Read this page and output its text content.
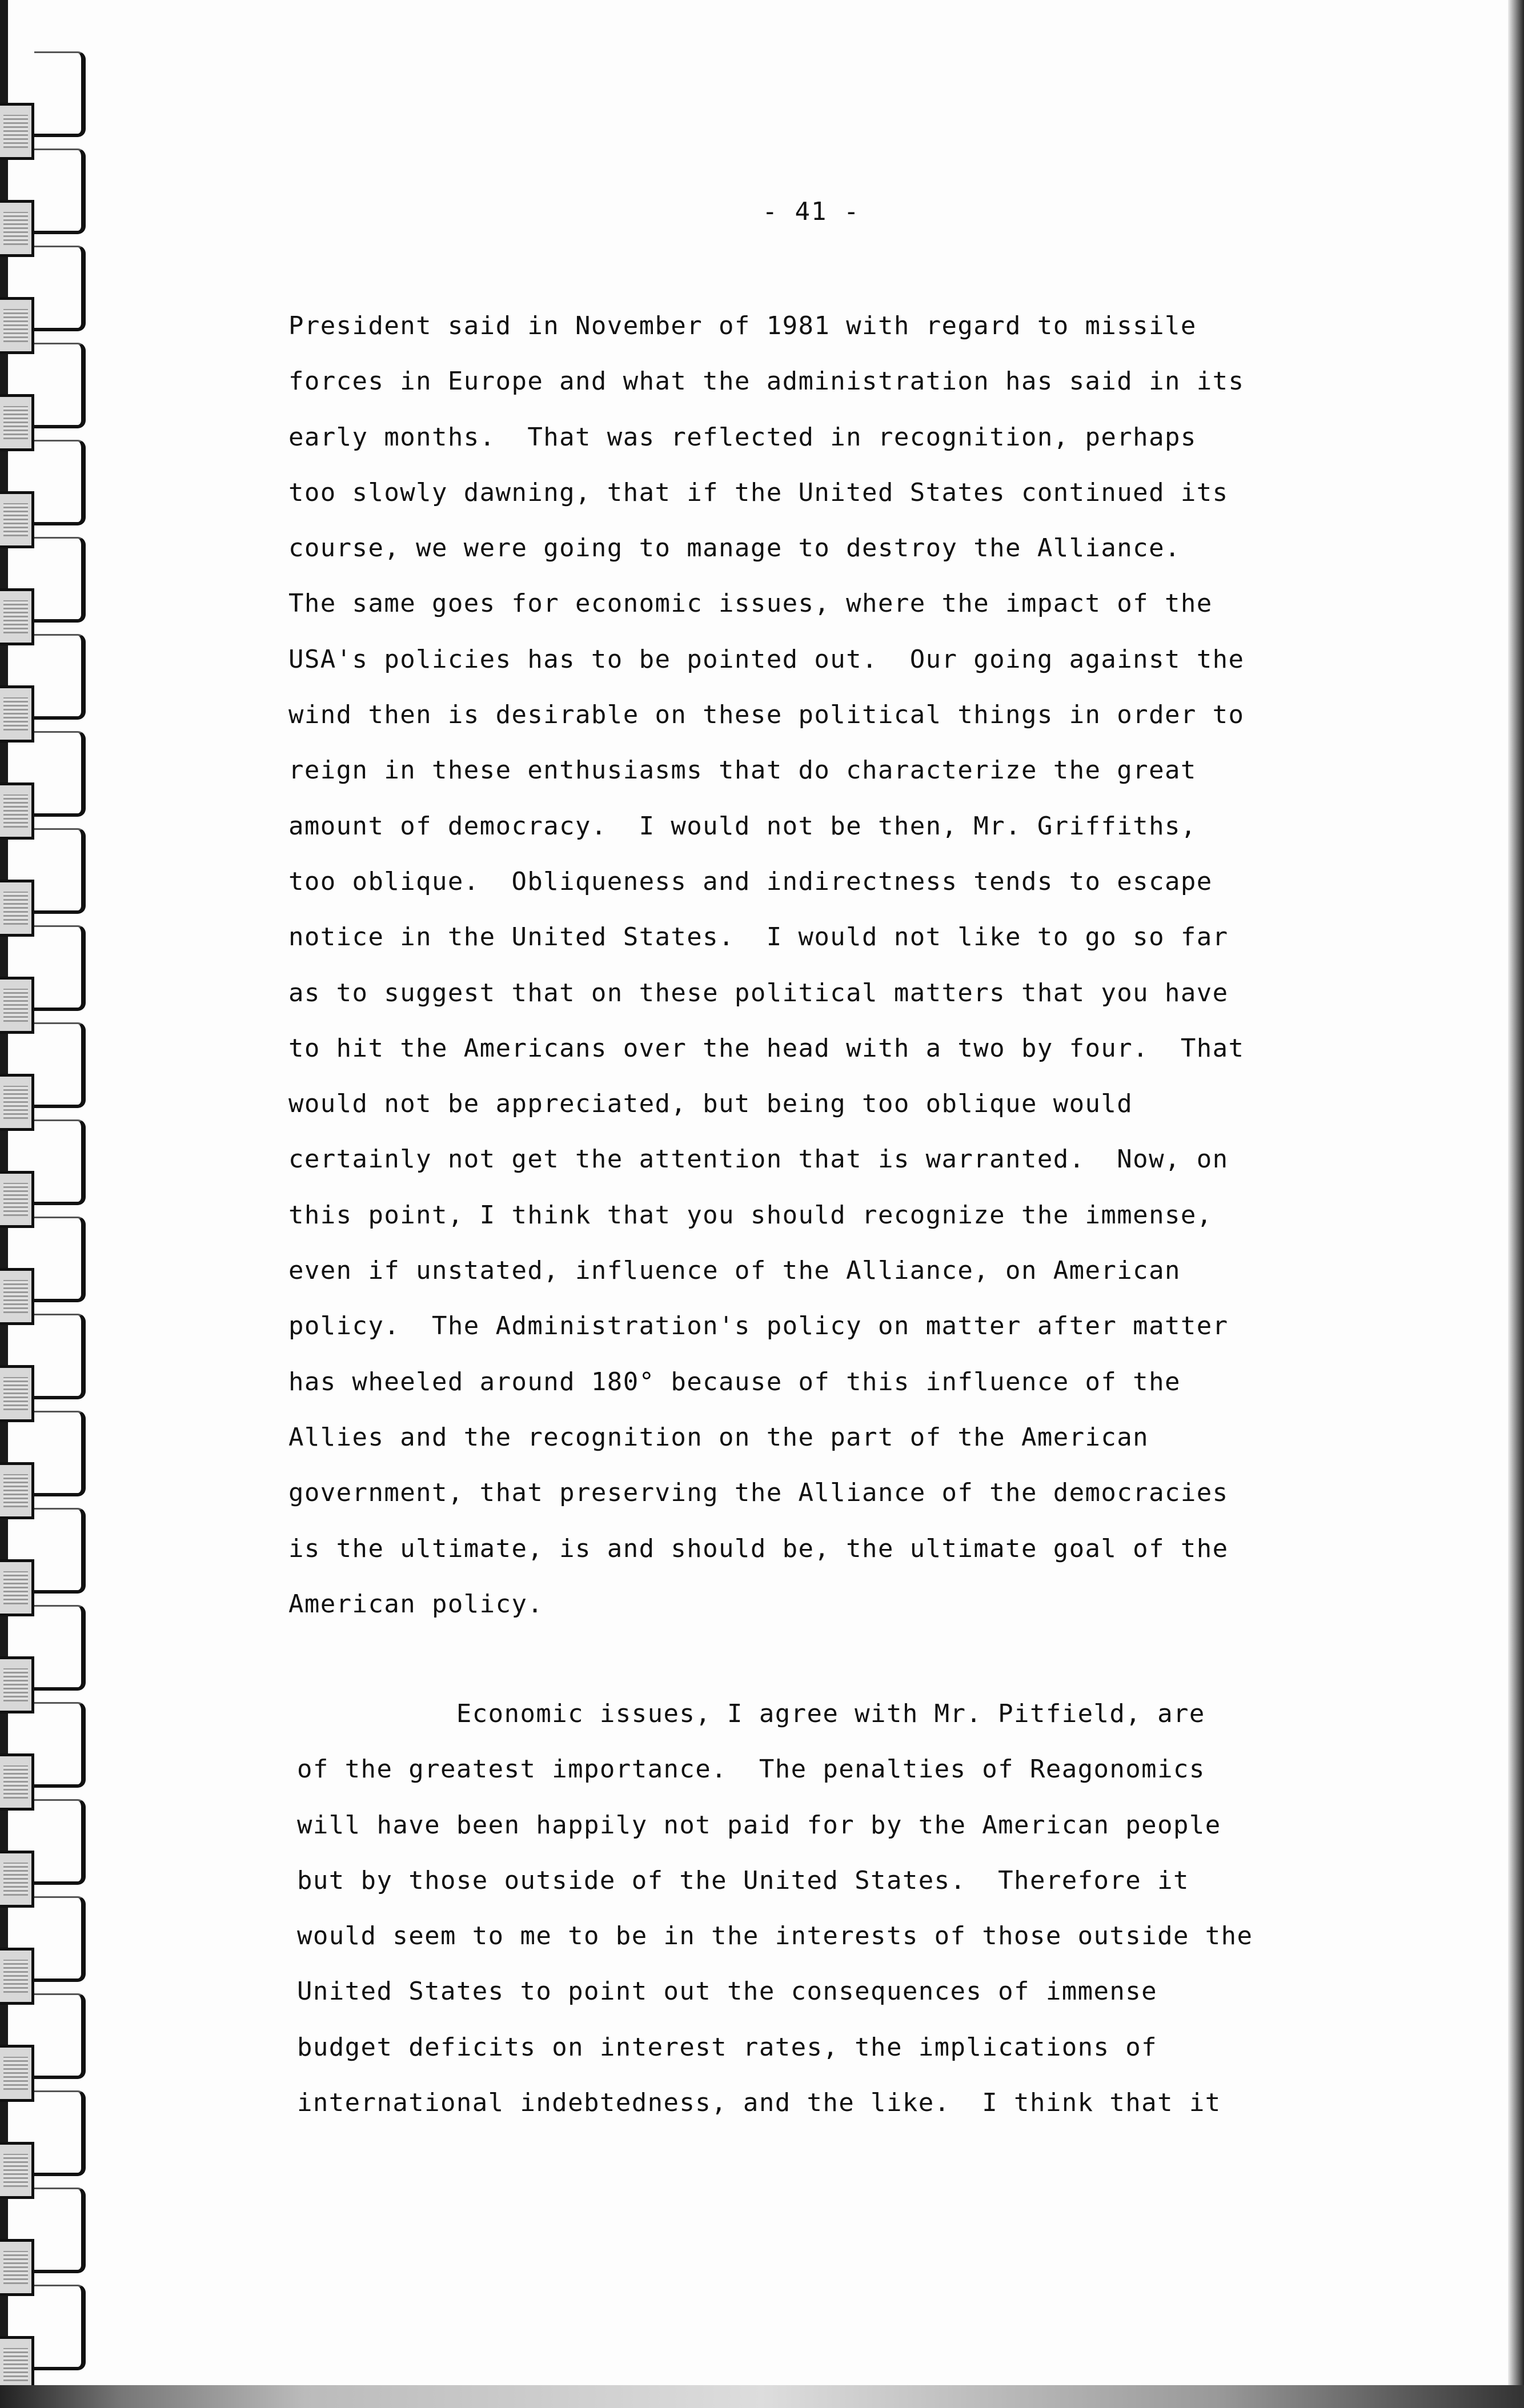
- 41 -
President said in November of 1981 with regard to missile
forces in Europe and what the administration has said in its
early months.  That was reflected in recognition, perhaps
too slowly dawning, that if the United States continued its
course, we were going to manage to destroy the Alliance.
The same goes for economic issues, where the impact of the
USA's policies has to be pointed out.  Our going against the
wind then is desirable on these political things in order to
reign in these enthusiasms that do characterize the great
amount of democracy.  I would not be then, Mr. Griffiths,
too oblique.  Obliqueness and indirectness tends to escape
notice in the United States.  I would not like to go so far
as to suggest that on these political matters that you have
to hit the Americans over the head with a two by four.  That
would not be appreciated, but being too oblique would
certainly not get the attention that is warranted.  Now, on
this point, I think that you should recognize the immense,
even if unstated, influence of the Alliance, on American
policy.  The Administration's policy on matter after matter
has wheeled around 180° because of this influence of the
Allies and the recognition on the part of the American
government, that preserving the Alliance of the democracies
is the ultimate, is and should be, the ultimate goal of the
American policy.
Economic issues, I agree with Mr. Pitfield, are
of the greatest importance.  The penalties of Reagonomics
will have been happily not paid for by the American people
but by those outside of the United States.  Therefore it
would seem to me to be in the interests of those outside the
United States to point out the consequences of immense
budget deficits on interest rates, the implications of
international indebtedness, and the like.  I think that it
